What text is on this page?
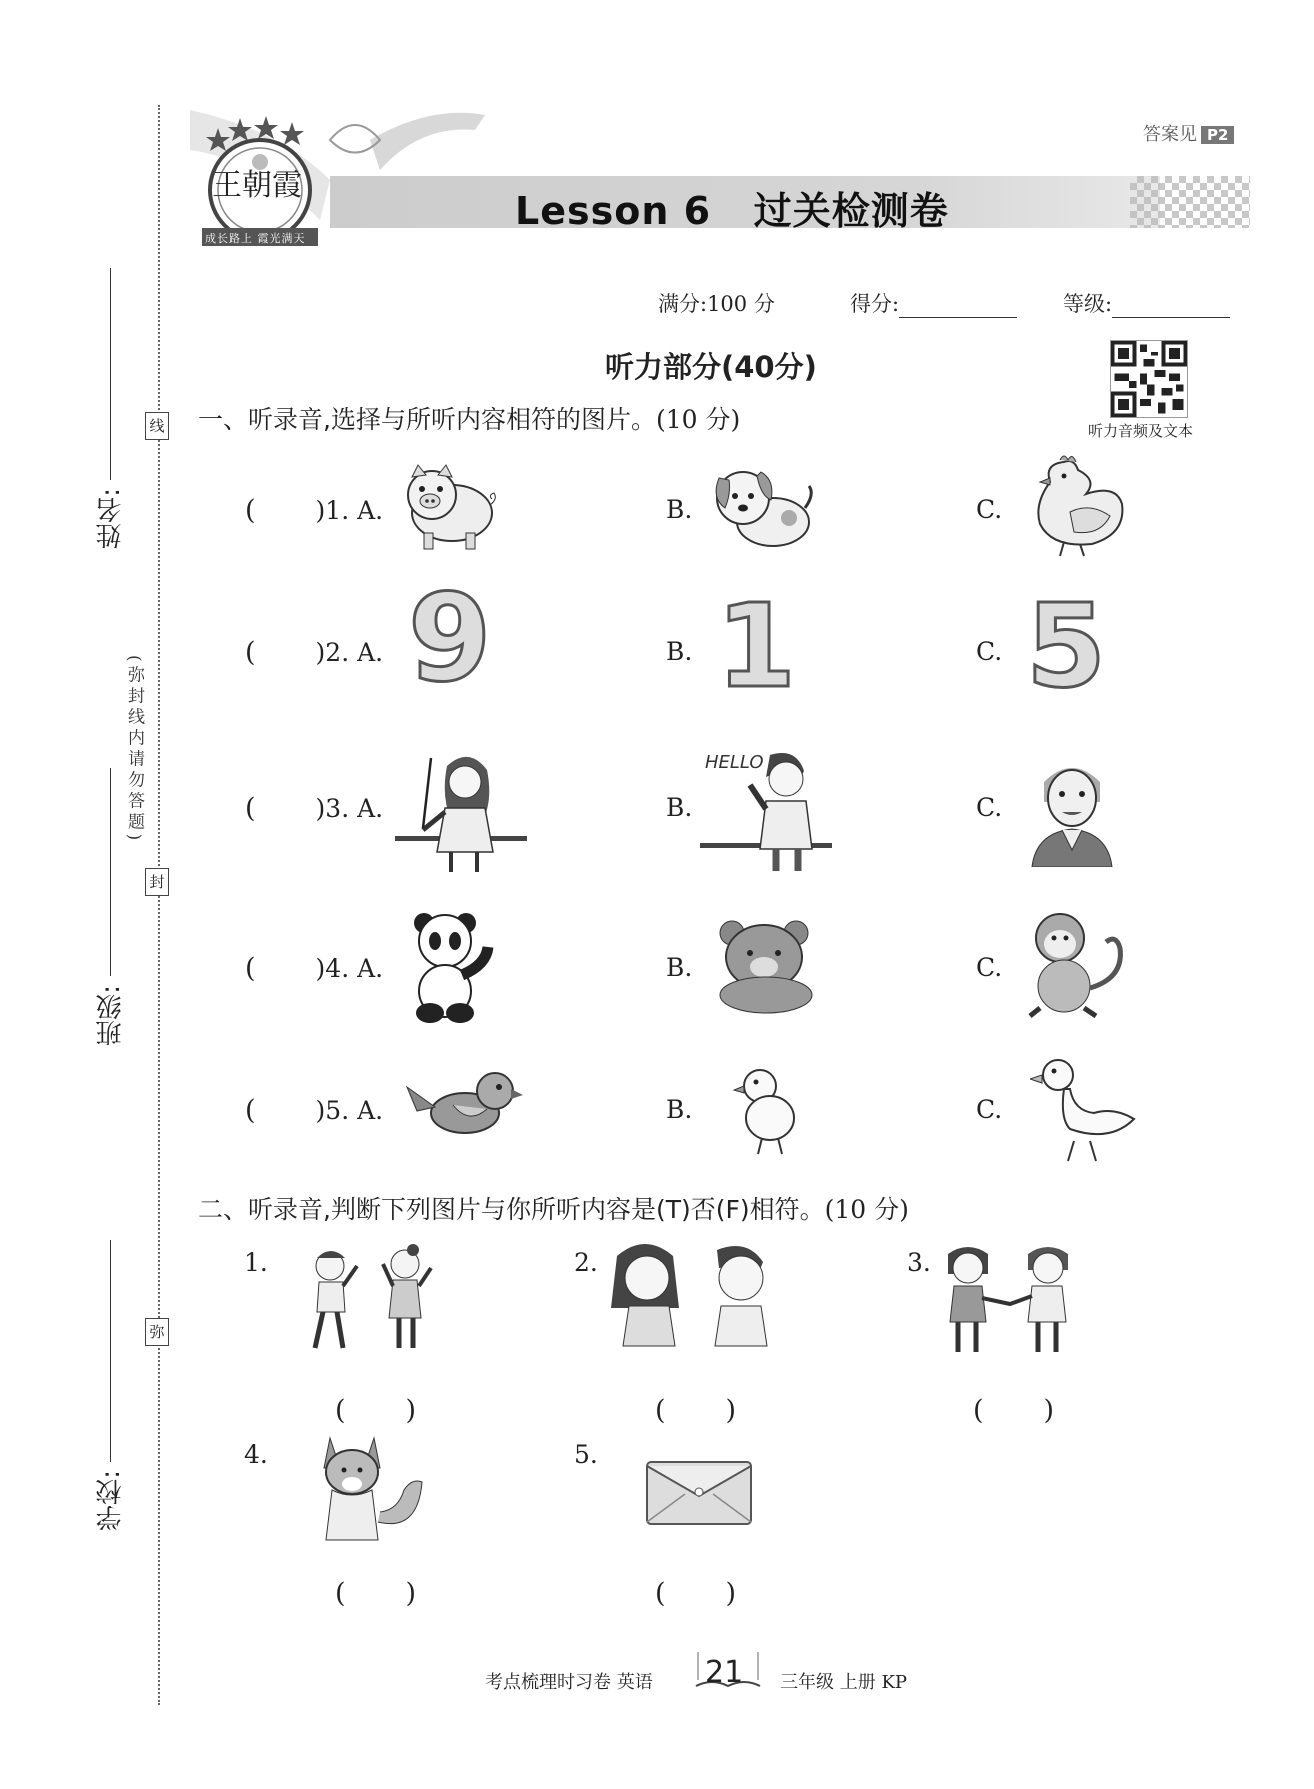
线
封
弥
姓名:
班级:
学校:
(弥封线内请勿答题)
答案见 P2
王朝霞
成长路上 霞光满天
Lesson 6   过关检测卷
满分:100 分	得分:	等级:
听力部分(40分)
听力音频及文本
一、听录音,选择与所听内容相符的图片。(10 分)
( )1. A.	B.	C.
( )2. A.	B.	C.
9 1 5
( )3. A.	B.	C.
HELLO
( )4. A.	B.	C.
( )5. A.	B.	C.
二、听录音,判断下列图片与你所听内容是(T)否(F)相符。(10 分)
1.	2.	3.
4.	5.
( )	( )	( )
( )	( )
考点梳理时习卷 英语 21 三年级 上册 KP
